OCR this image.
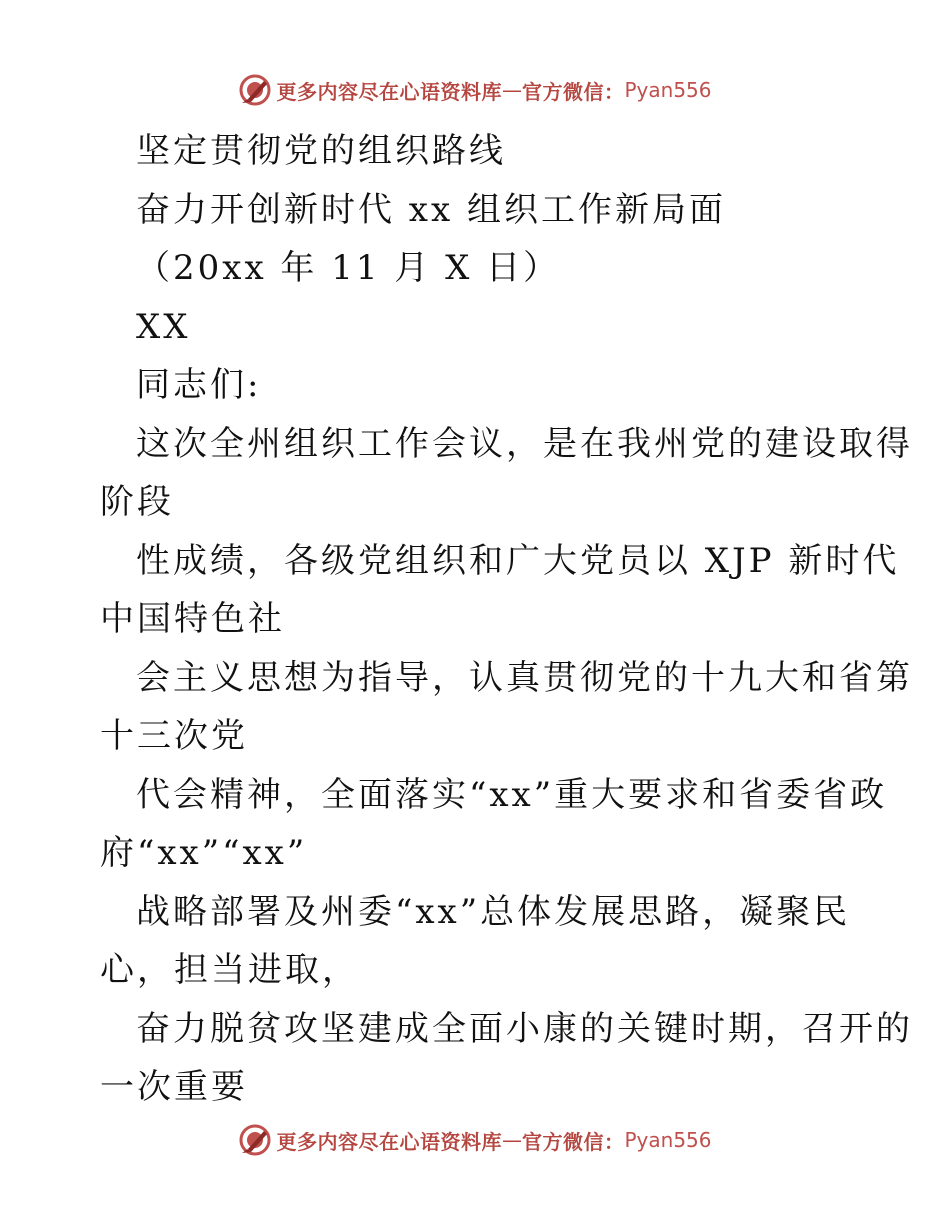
更多内容尽在心语资料库 — 官方微信： Pyan556
坚定贯彻党的组织路线
奋力开创新时代 xx 组织工作新局面
（20xx 年 11 月 X 日）
XX
同志们:
这次全州组织工作会议，是在我州党的建设取得
阶段
性成绩，各级党组织和广大党员以 XJP 新时代
中国特色社
会主义思想为指导，认真贯彻党的十九大和省第
十三次党
代会精神，全面落实“xx”重大要求和省委省政
府“xx”“xx”
战略部署及州委“xx”总体发展思路，凝聚民
心，担当进取，
奋力脱贫攻坚建成全面小康的关键时期，召开的
一次重要
更多内容尽在心语资料库 — 官方微信： Pyan556
